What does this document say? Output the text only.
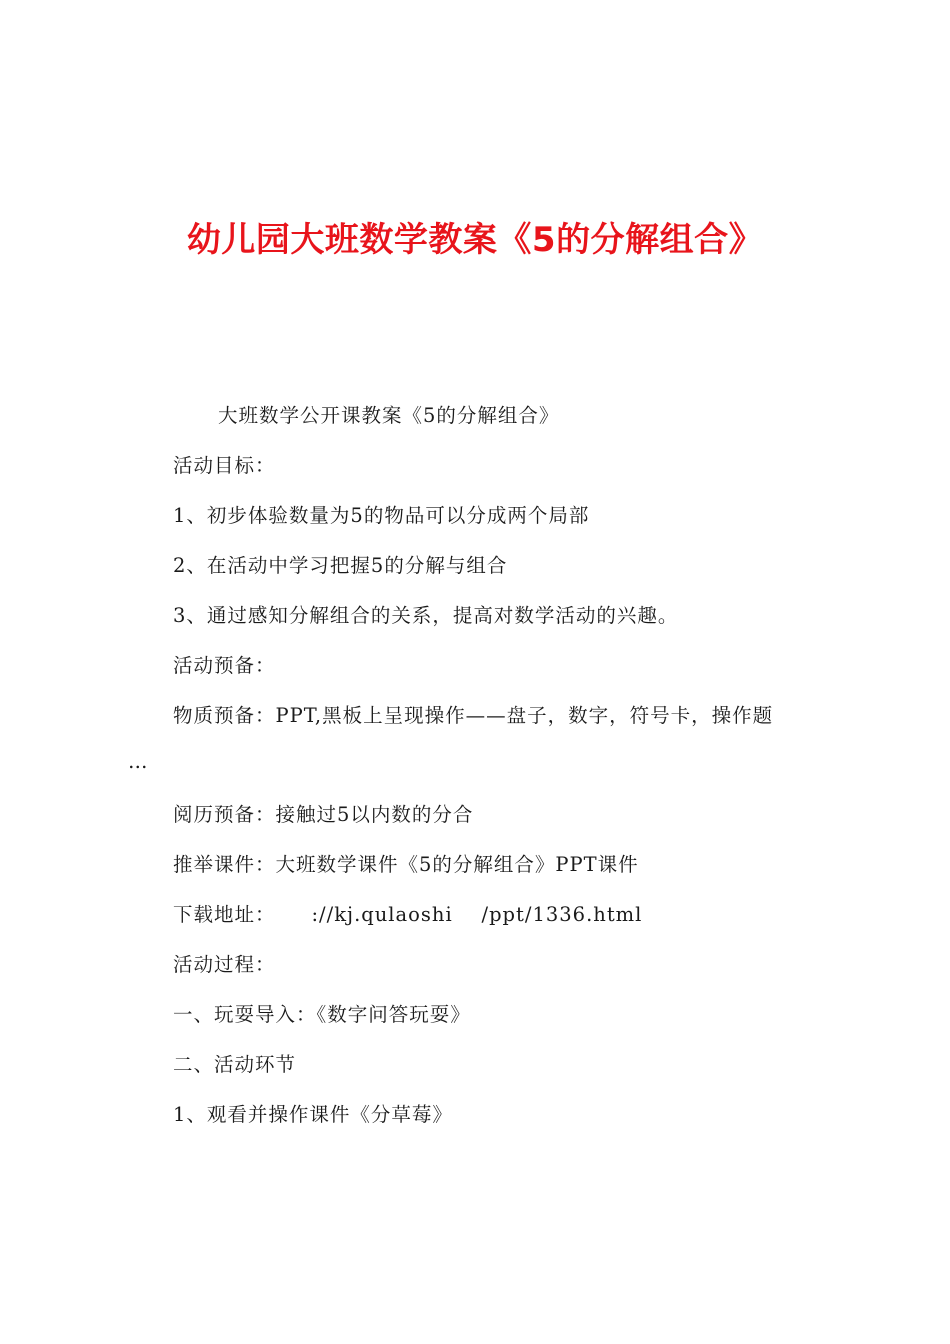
幼儿园大班数学教案《5的分解组合》
大班数学公开课教案《5的分解组合》
活动目标：
1、初步体验数量为5的物品可以分成两个局部
2、在活动中学习把握5的分解与组合
3、通过感知分解组合的关系，提高对数学活动的兴趣。
活动预备：
物质预备：PPT,黑板上呈现操作——盘子，数字，符号卡，操作题
…
阅历预备：接触过5以内数的分合
推举课件：大班数学课件《5的分解组合》PPT课件
下载地址：     ://kj.qulaoshi    /ppt/1336.html
活动过程：
一、玩耍导入：《数字问答玩耍》
二、活动环节
1、观看并操作课件《分草莓》
